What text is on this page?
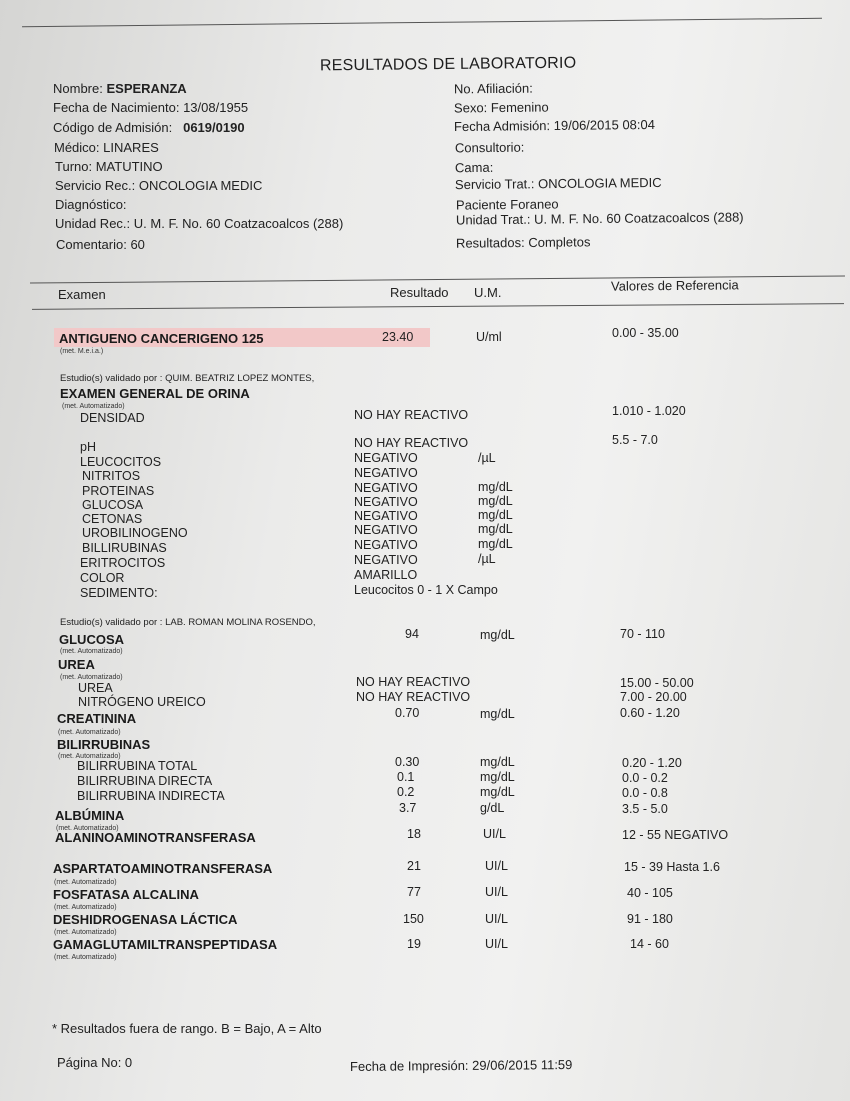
RESULTADOS DE LABORATORIO
Nombre: ESPERANZA
Fecha de Nacimiento: 13/08/1955
Código de Admisión: 0619/0190
Médico: LINARES
Turno: MATUTINO
Servicio Rec.: ONCOLOGIA MEDIC
Diagnóstico:
Unidad Rec.: U. M. F. No. 60 Coatzacoalcos (288)
Comentario: 60
No. Afiliación:
Sexo: Femenino
Fecha Admisión: 19/06/2015 08:04
Consultorio:
Cama:
Servicio Trat.: ONCOLOGIA MEDIC
Paciente Foraneo
Unidad Trat.: U. M. F. No. 60 Coatzacoalcos (288)
Resultados: Completos
Examen	Resultado U.M.	Valores de Referencia
ANTIGUENO CANCERIGENO 125
(met. M.e.i.a.)
23.40	U/ml	0.00 - 35.00
Estudio(s) validado por : QUIM. BEATRIZ LOPEZ MONTES,
EXAMEN GENERAL DE ORINA
(met. Automatizado)
DENSIDAD	NO HAY REACTIVO	1.010 - 1.020
pH	NO HAY REACTIVO	5.5 - 7.0
LEUCOCITOS	NEGATIVO	/µL
NITRITOS	NEGATIVO
PROTEINAS	NEGATIVO	mg/dL
GLUCOSA	NEGATIVO	mg/dL
CETONAS	NEGATIVO	mg/dL
UROBILINOGENO	NEGATIVO	mg/dL
BILLIRUBINAS	NEGATIVO	mg/dL
ERITROCITOS	NEGATIVO	/µL
COLOR	AMARILLO
SEDIMENTO:	Leucocitos 0 - 1 X Campo
Estudio(s) validado por : LAB. ROMAN MOLINA ROSENDO,
GLUCOSA
(met. Automatizado)
94	mg/dL	70 - 110
UREA
(met. Automatizado)
UREA	NO HAY REACTIVO	15.00 - 50.00
NITRÓGENO UREICO	NO HAY REACTIVO	7.00 - 20.00
CREATININA
(met. Automatizado)
0.70	mg/dL	0.60 - 1.20
BILIRRUBINAS
(met. Automatizado)
BILIRRUBINA TOTAL	0.30	mg/dL	0.20 - 1.20
BILIRRUBINA DIRECTA	0.1	mg/dL	0.0 - 0.2
BILIRRUBINA INDIRECTA	0.2	mg/dL	0.0 - 0.8
ALBÚMINA
(met. Automatizado)
3.7	g/dL	3.5 - 5.0
ALANINOAMINOTRANSFERASA	18	UI/L	12 - 55 NEGATIVO
ASPARTATOAMINOTRANSFERASA
(met. Automatizado)
21	UI/L	15 - 39 Hasta 1.6
FOSFATASA ALCALINA
(met. Automatizado)
77	UI/L	40 - 105
DESHIDROGENASA LÁCTICA
(met. Automatizado)
150	UI/L	91 - 180
GAMAGLUTAMILTRANSPEPTIDASA
(met. Automatizado)
19	UI/L	14 - 60
* Resultados fuera de rango. B = Bajo, A = Alto
Página No: 0	Fecha de Impresión: 29/06/2015 11:59
